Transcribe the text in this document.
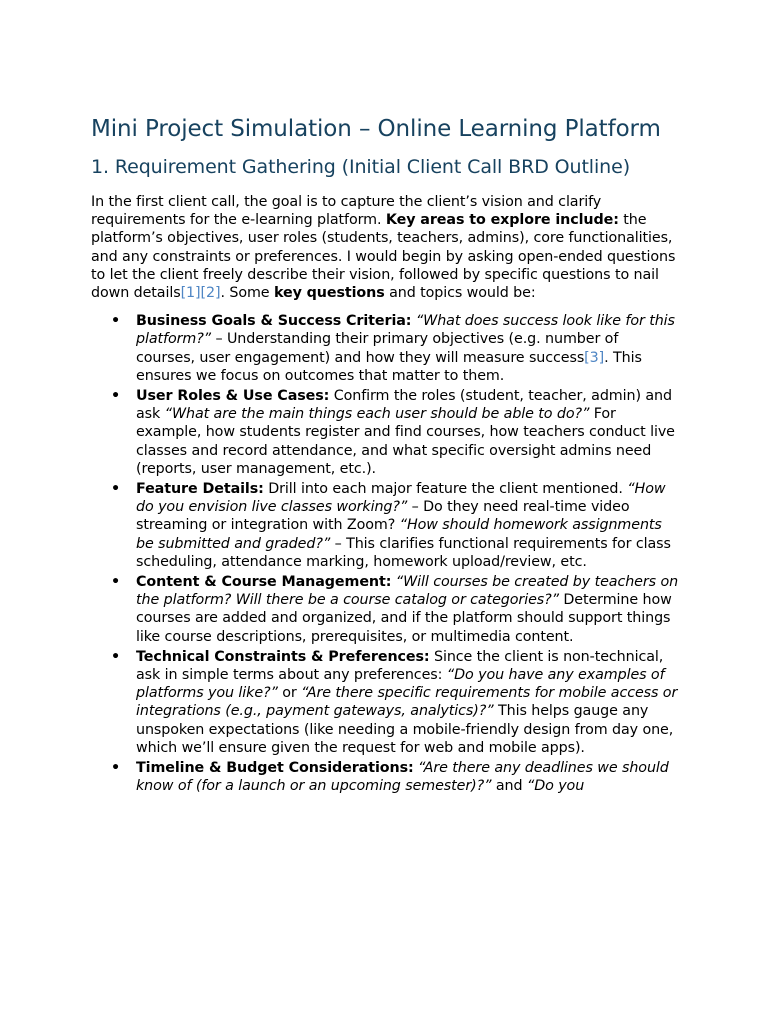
Mini Project Simulation – Online Learning Platform
1. Requirement Gathering (Initial Client Call BRD Outline)

In the first client call, the goal is to capture the client’s vision and clarify requirements for the e-learning platform. Key areas to explore include: the platform’s objectives, user roles (students, teachers, admins), core functionalities, and any constraints or preferences. I would begin by asking open-ended questions to let the client freely describe their vision, followed by specific questions to nail down details[1][2]. Some key questions and topics would be:

• Business Goals & Success Criteria: “What does success look like for this platform?” – Understanding their primary objectives (e.g. number of courses, user engagement) and how they will measure success[3]. This ensures we focus on outcomes that matter to them.
• User Roles & Use Cases: Confirm the roles (student, teacher, admin) and ask “What are the main things each user should be able to do?” For example, how students register and find courses, how teachers conduct live classes and record attendance, and what specific oversight admins need (reports, user management, etc.).
• Feature Details: Drill into each major feature the client mentioned. “How do you envision live classes working?” – Do they need real-time video streaming or integration with Zoom? “How should homework assignments be submitted and graded?” – This clarifies functional requirements for class scheduling, attendance marking, homework upload/review, etc.
• Content & Course Management: “Will courses be created by teachers on the platform? Will there be a course catalog or categories?” Determine how courses are added and organized, and if the platform should support things like course descriptions, prerequisites, or multimedia content.
• Technical Constraints & Preferences: Since the client is non-technical, ask in simple terms about any preferences: “Do you have any examples of platforms you like?” or “Are there specific requirements for mobile access or integrations (e.g., payment gateways, analytics)?” This helps gauge any unspoken expectations (like needing a mobile-friendly design from day one, which we’ll ensure given the request for web and mobile apps).
• Timeline & Budget Considerations: “Are there any deadlines we should know of (for a launch or an upcoming semester)?” and “Do you
